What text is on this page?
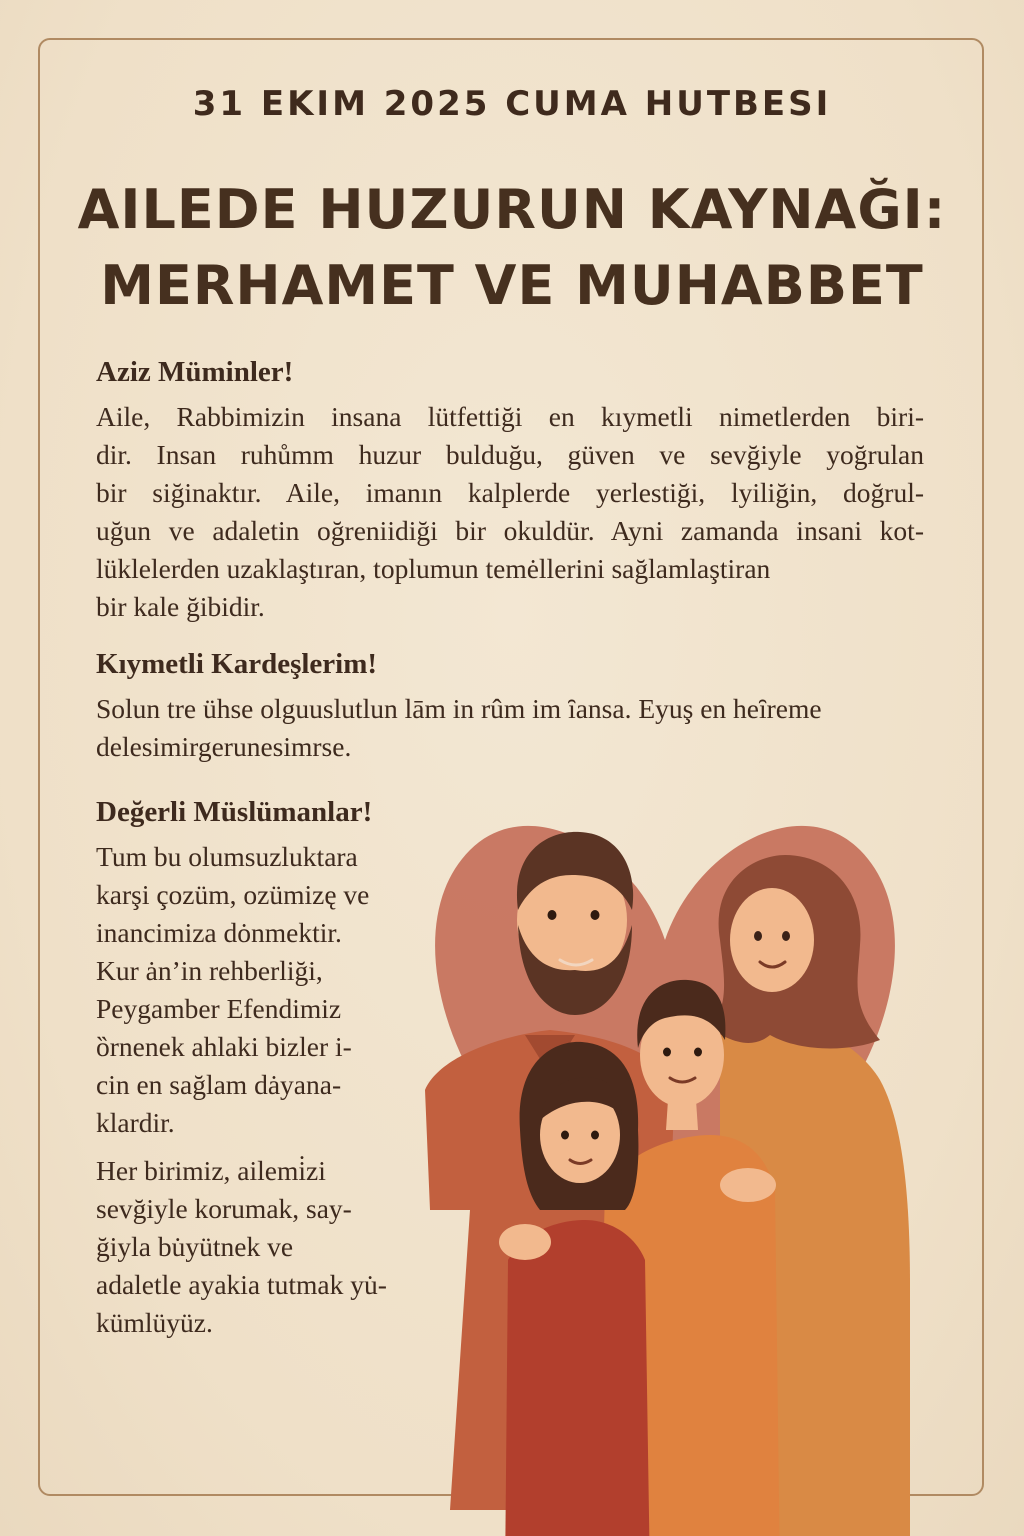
31 EKIM 2025 CUMA HUTBESI
AILEDE HUZURUN KAYNAĞI:
MERHAMET VE MUHABBET
Aziz Müminler!
Aile, Rabbimizin insana lütfettiği en kıymetli nimetlerden biri-
dir. Insan ruhůmm huzur bulduğu, güven ve sevğiyle yoğrulan
bir siğinaktır. Aile, imanın kalplerde yerlestiği, lyiliğin, doğrul-
uğun ve adaletin oğreniidiği bir okuldür. Ayni zamanda insani kot-
lüklelerden uzaklaştıran, toplumun temėllerini sağlamlaştiran
bir kale ğibidir.
Kıymetli Kardeşlerim!
Solun tre ühse olguuslutlun lām in rûm im ȋansa. Eyuş en heȋreme
delesimirgerunesimrse.
Değerli Müslümanlar!
Tum bu olumsuzluktara
karşi çozüm, ozümizę ve
inancimiza dȯnmektir.
Kur ȧn’in rehberliği,
Peygamber Efendimiz
ȍrnenek ahlaki bizler i-
cin en sağlam dȧyana-
klardir.
Her birimiz, ailemi̇zi
sevğiyle korumak, say-
ğiyla bu̇yütnek ve
adaletle ayakia tutmak yu̇-
kümlüyüz.
